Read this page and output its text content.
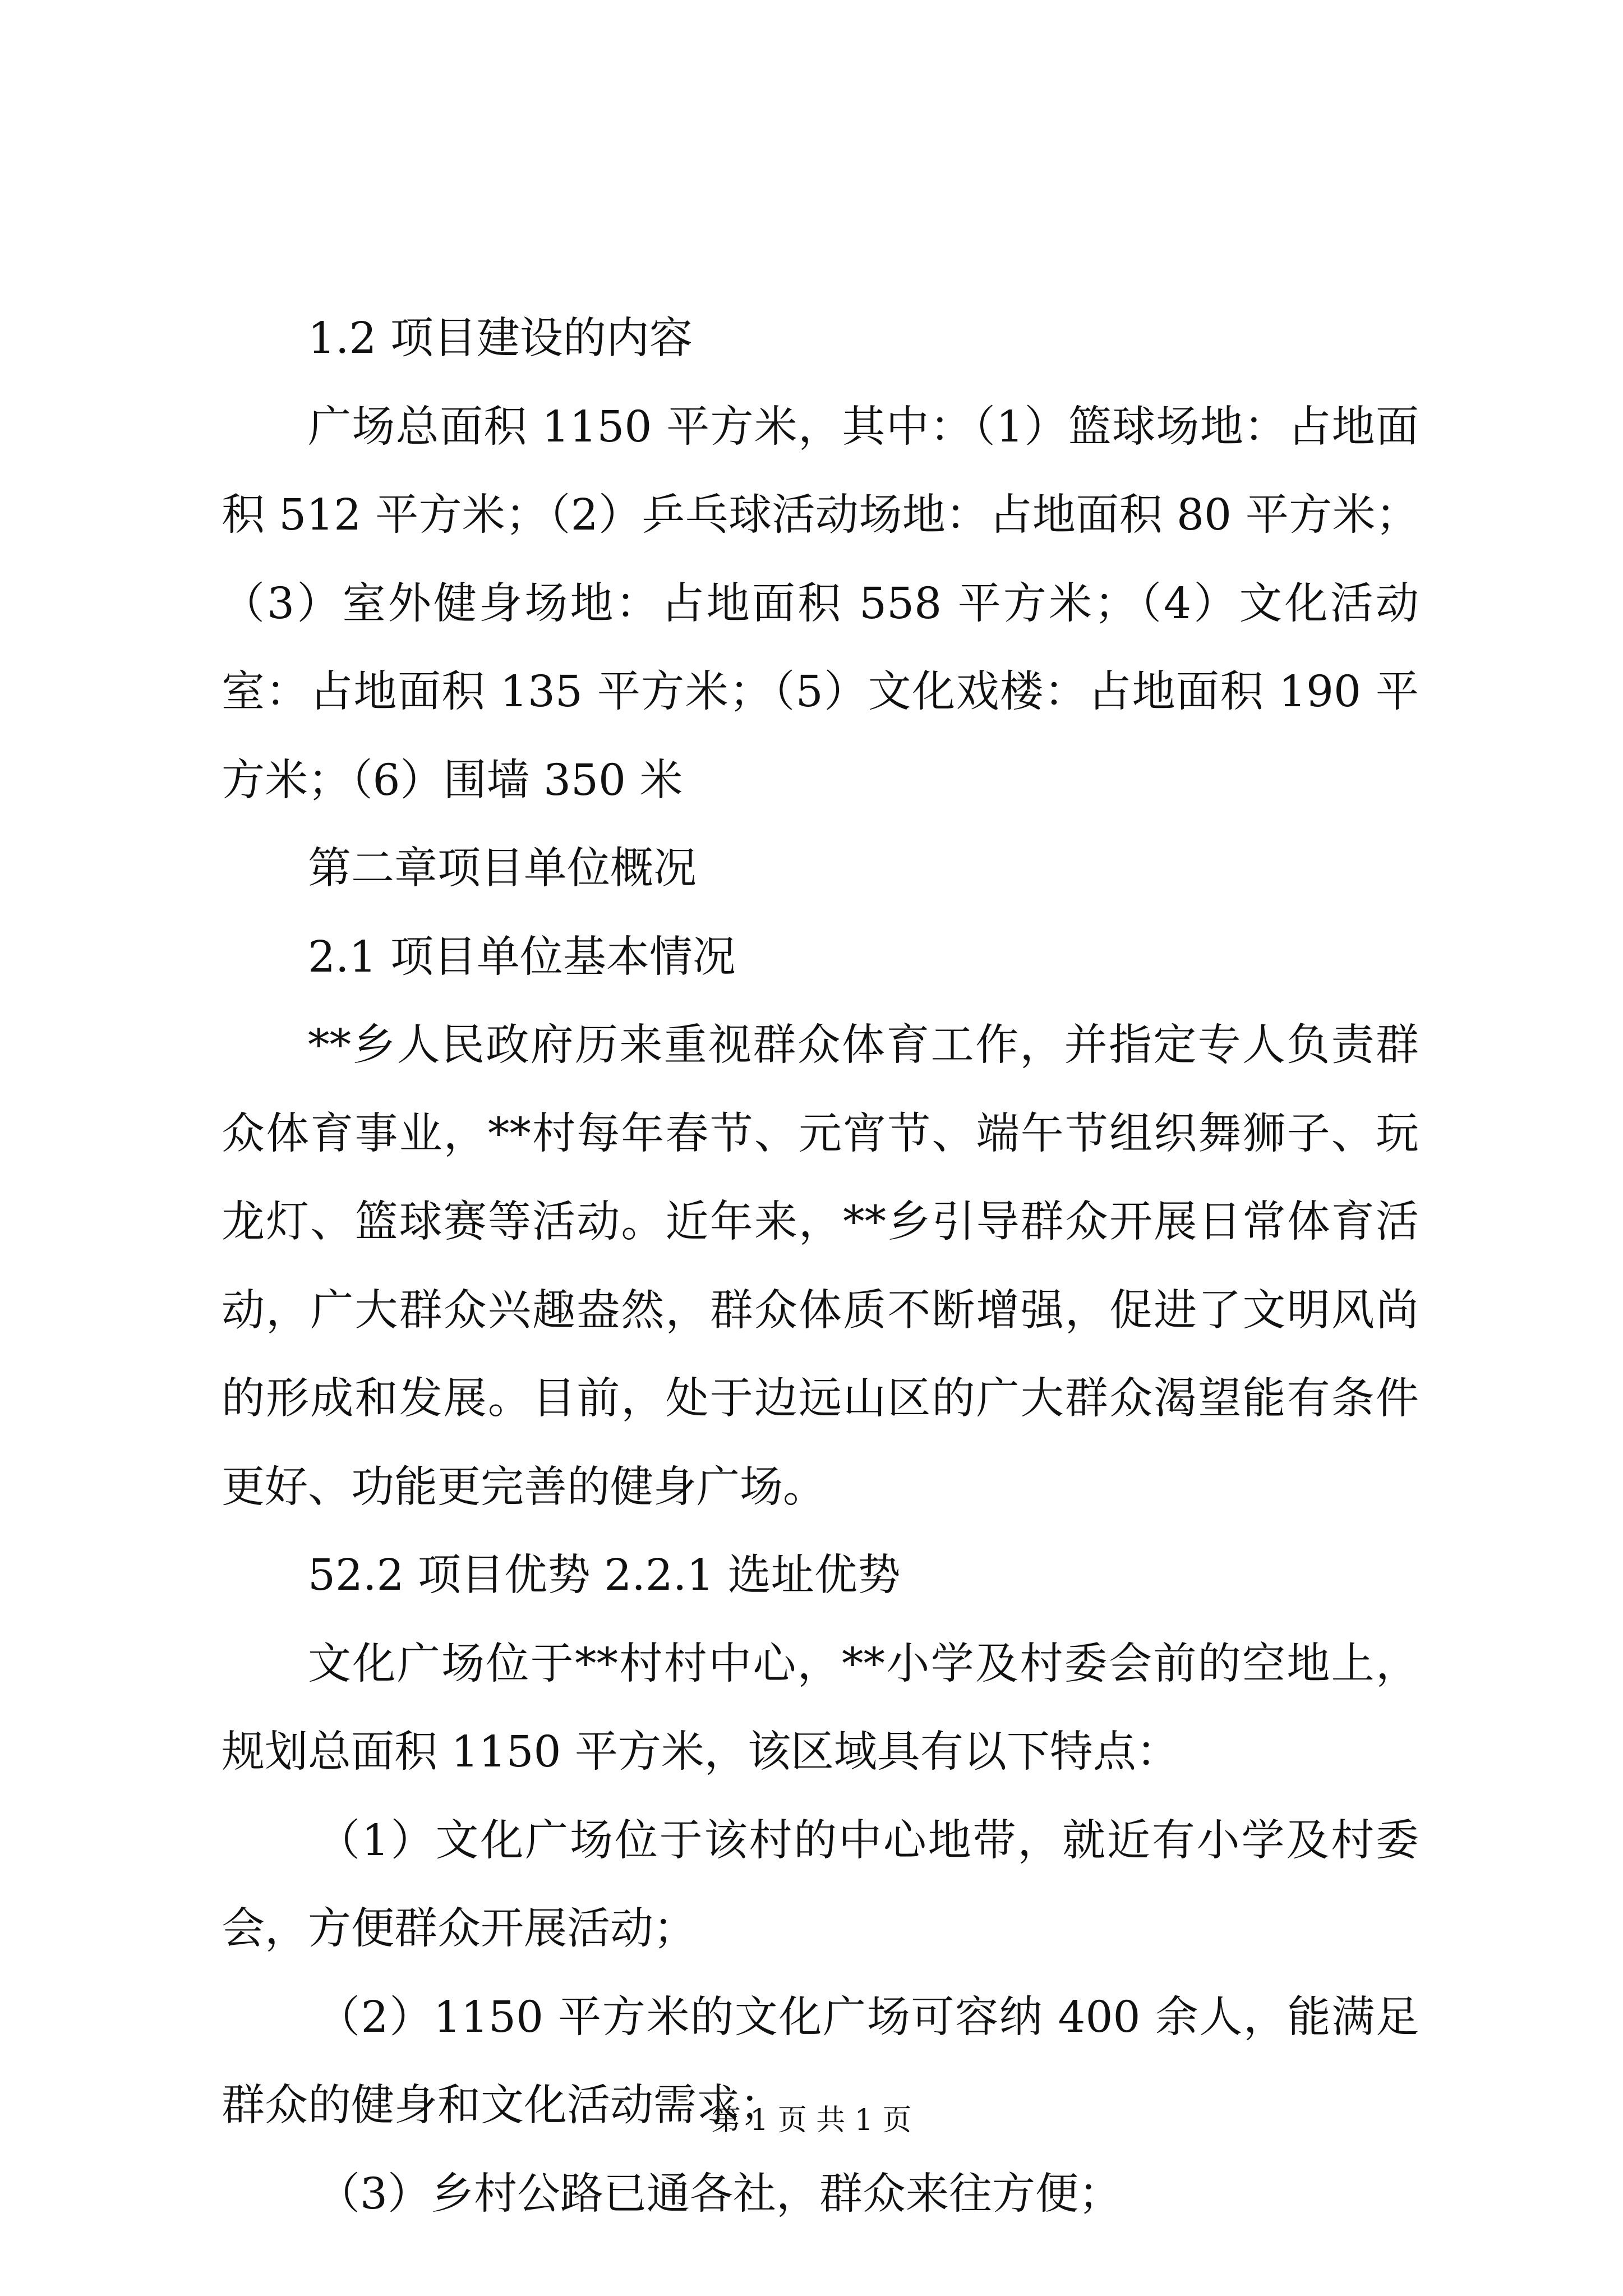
1.2 项目建设的内容

广场总面积 1150 平方米，其中：（1）篮球场地：占地面积 512 平方米；（2）乒乓球活动场地：占地面积 80 平方米；（3）室外健身场地：占地面积 558 平方米；（4）文化活动室：占地面积 135 平方米；（5）文化戏楼：占地面积 190 平方米；（6）围墙 350 米

第二章项目单位概况

2.1 项目单位基本情况

**乡人民政府历来重视群众体育工作，并指定专人负责群众体育事业，**村每年春节、元宵节、端午节组织舞狮子、玩龙灯、篮球赛等活动。近年来，**乡引导群众开展日常体育活动，广大群众兴趣盎然，群众体质不断增强，促进了文明风尚的形成和发展。目前，处于边远山区的广大群众渴望能有条件更好、功能更完善的健身广场。

52.2 项目优势 2.2.1 选址优势

文化广场位于**村村中心，**小学及村委会前的空地上，规划总面积 1150 平方米，该区域具有以下特点：

（1）文化广场位于该村的中心地带，就近有小学及村委会，方便群众开展活动；

（2）1150 平方米的文化广场可容纳 400 余人，能满足群众的健身和文化活动需求；

（3）乡村公路已通各社，群众来往方便；

第 1 页 共 1 页
